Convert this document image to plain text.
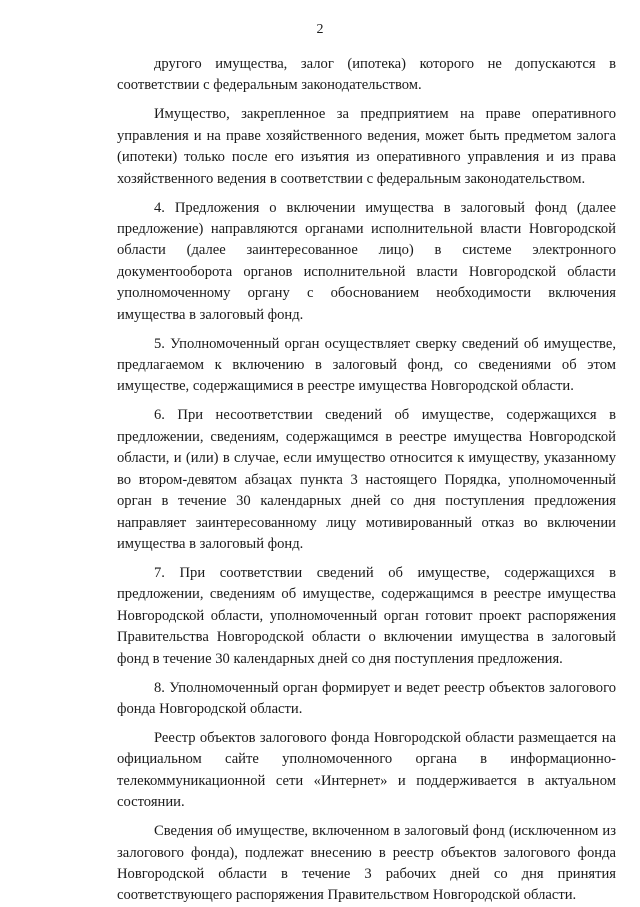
2

другого имущества, залог (ипотека) которого не допускаются в соответствии с федеральным законодательством.

Имущество, закрепленное за предприятием на праве оперативного управления и на праве хозяйственного ведения, может быть предметом залога (ипотеки) только после его изъятия из оперативного управления и из права хозяйственного ведения в соответствии с федеральным законодательством.

4. Предложения о включении имущества в залоговый фонд (далее предложение) направляются органами исполнительной власти Новгородской области (далее заинтересованное лицо) в системе электронного документооборота органов исполнительной власти Новгородской области уполномоченному органу с обоснованием необходимости включения имущества в залоговый фонд.

5. Уполномоченный орган осуществляет сверку сведений об имуществе, предлагаемом к включению в залоговый фонд, со сведениями об этом имуществе, содержащимися в реестре имущества Новгородской области.

6. При несоответствии сведений об имуществе, содержащихся в предложении, сведениям, содержащимся в реестре имущества Новгородской области, и (или) в случае, если имущество относится к имуществу, указанному во втором-девятом абзацах пункта 3 настоящего Порядка, уполномоченный орган в течение 30 календарных дней со дня поступления предложения направляет заинтересованному лицу мотивированный отказ во включении имущества в залоговый фонд.

7. При соответствии сведений об имуществе, содержащихся в предложении, сведениям об имуществе, содержащимся в реестре имущества Новгородской области, уполномоченный орган готовит проект распоряжения Правительства Новгородской области о включении имущества в залоговый фонд в течение 30 календарных дней со дня поступления предложения.

8. Уполномоченный орган формирует и ведет реестр объектов залогового фонда Новгородской области.

Реестр объектов залогового фонда Новгородской области размещается на официальном сайте уполномоченного органа в информационно-телекоммуникационной сети «Интернет» и поддерживается в актуальном состоянии.

Сведения об имуществе, включенном в залоговый фонд (исключенном из залогового фонда), подлежат внесению в реестр объектов залогового фонда Новгородской области в течение 3 рабочих дней со дня принятия соответствующего распоряжения Правительством Новгородской области.
